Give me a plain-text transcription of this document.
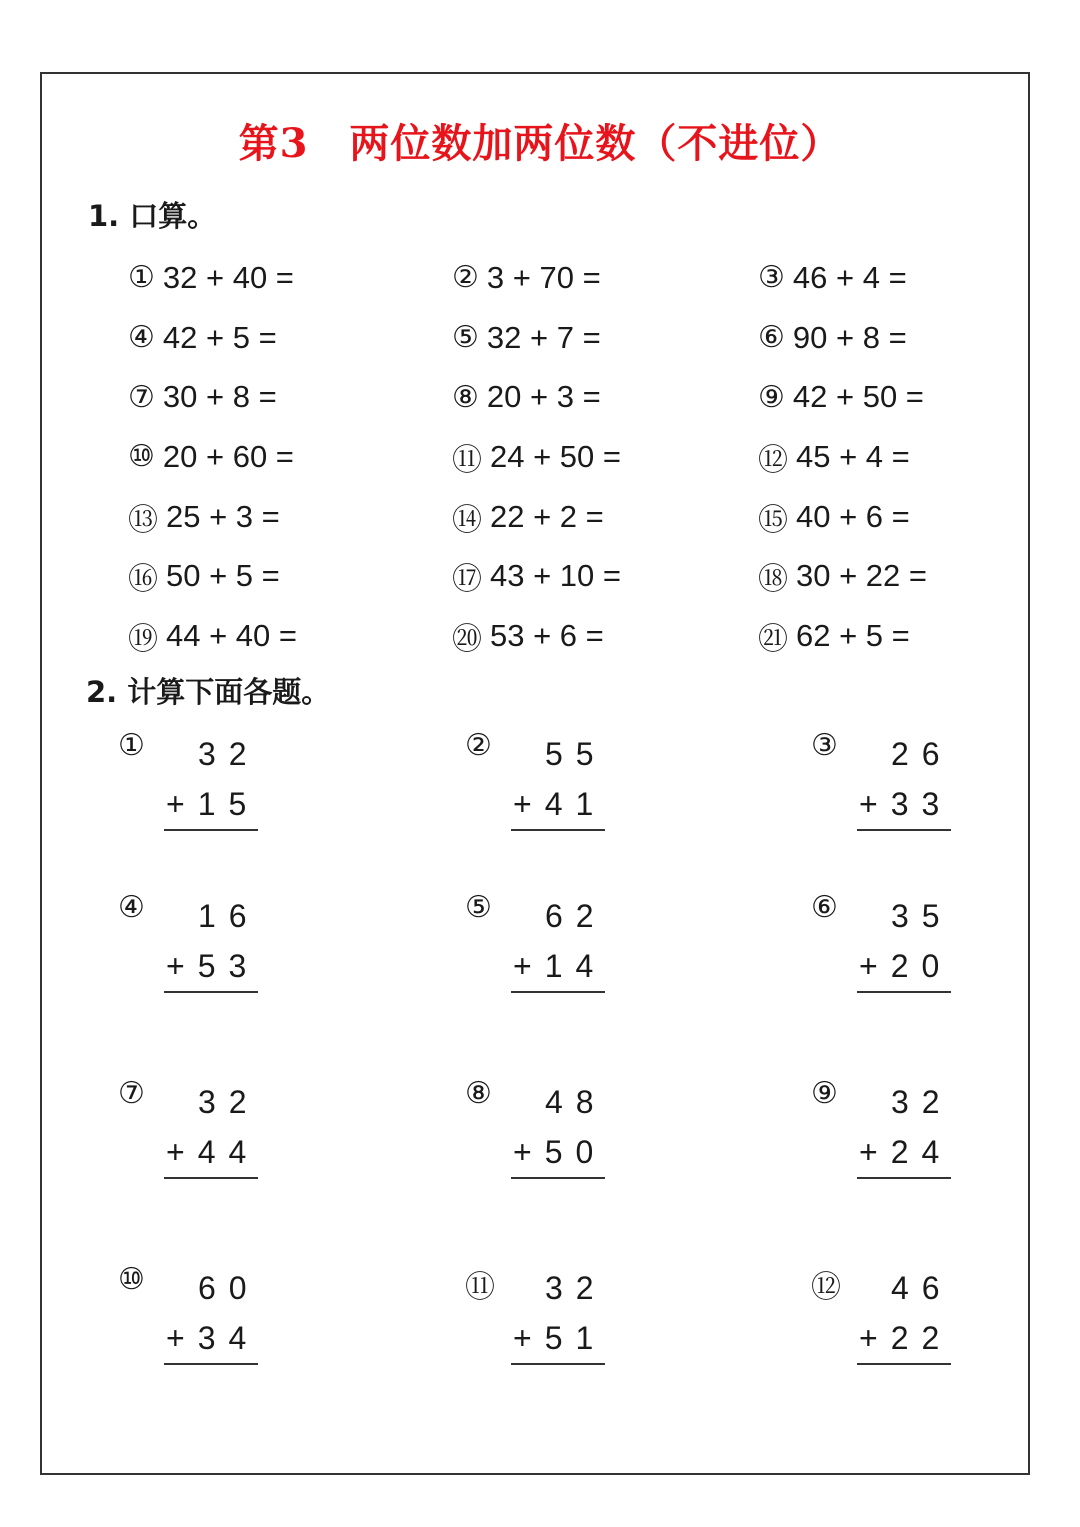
第3　两位数加两位数（不进位）
1. 口算。
① 32 + 40 =	② 3 + 70 =	③ 46 + 4 =
④ 42 + 5 =	⑤ 32 + 7 =	⑥ 90 + 8 =
⑦ 30 + 8 =	⑧ 20 + 3 =	⑨ 42 + 50 =
⑩ 20 + 60 =	⑪ 24 + 50 =	⑫ 45 + 4 =
⑬ 25 + 3 =	⑭ 22 + 2 =	⑮ 40 + 6 =
⑯ 50 + 5 =	⑰ 43 + 10 =	⑱ 30 + 22 =
⑲ 44 + 40 =	⑳ 53 + 6 =	㉑ 62 + 5 =
2. 计算下面各题。
① 32
+15
② 55
+41
③ 26
+33
④ 16
+53
⑤ 62
+14
⑥ 35
+20
⑦ 32
+44
⑧ 48
+50
⑨ 32
+24
⑩ 60
+34
⑪ 32
+51
⑫ 46
+22
